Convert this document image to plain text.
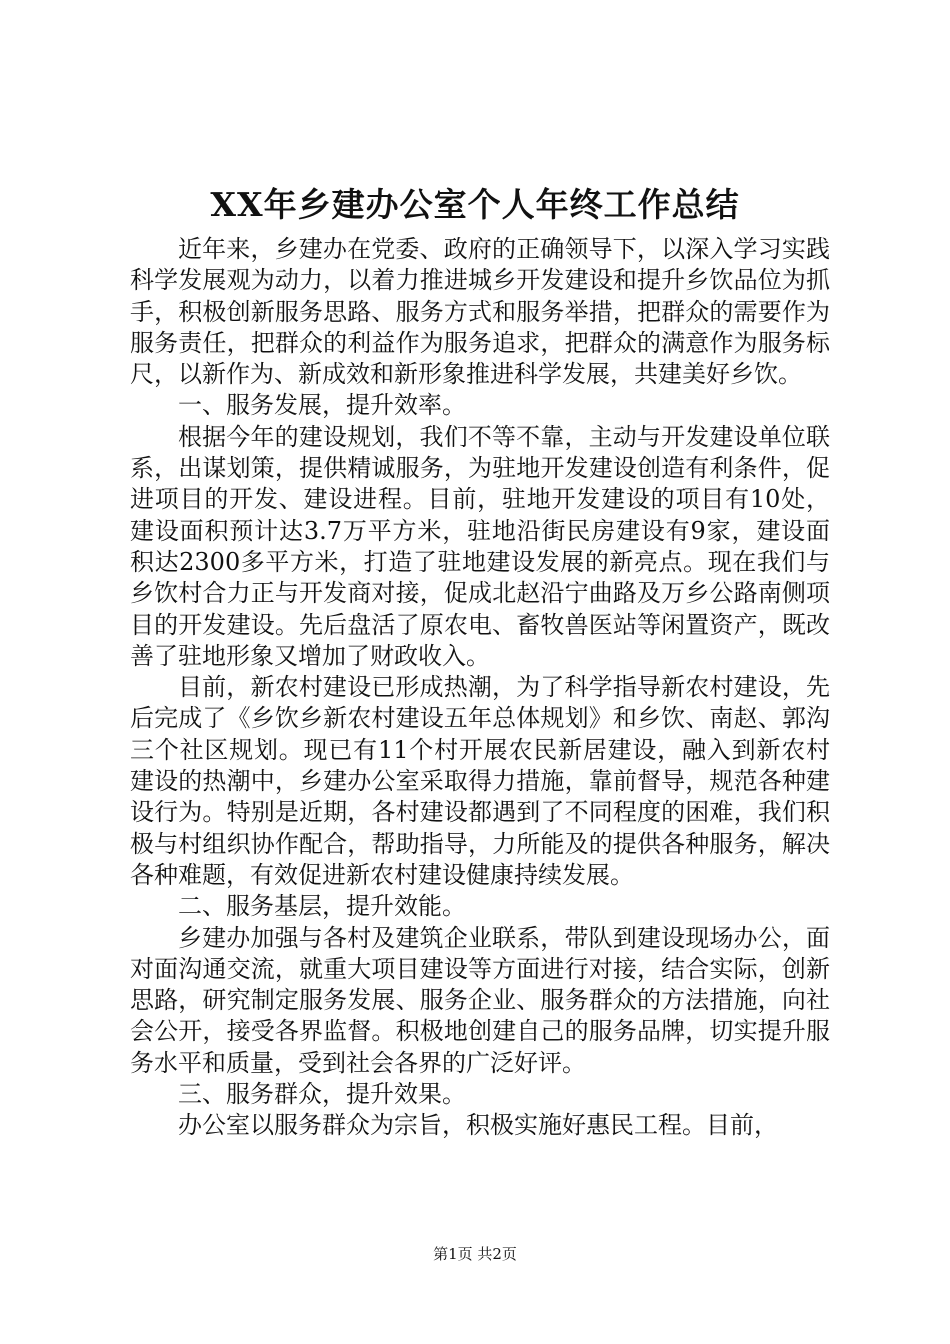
XX年乡建办公室个人年终工作总结

近年来，乡建办在党委、政府的正确领导下，以深入学习实践科学发展观为动力，以着力推进城乡开发建设和提升乡饮品位为抓手，积极创新服务思路、服务方式和服务举措，把群众的需要作为服务责任，把群众的利益作为服务追求，把群众的满意作为服务标尺，以新作为、新成效和新形象推进科学发展，共建美好乡饮。

一、服务发展，提升效率。

根据今年的建设规划，我们不等不靠，主动与开发建设单位联系，出谋划策，提供精诚服务，为驻地开发建设创造有利条件，促进项目的开发、建设进程。目前，驻地开发建设的项目有10处，建设面积预计达3.7万平方米，驻地沿街民房建设有9家，建设面积达2300多平方米，打造了驻地建设发展的新亮点。现在我们与乡饮村合力正与开发商对接，促成北赵沿宁曲路及万乡公路南侧项目的开发建设。先后盘活了原农电、畜牧兽医站等闲置资产，既改善了驻地形象又增加了财政收入。

目前，新农村建设已形成热潮，为了科学指导新农村建设，先后完成了《乡饮乡新农村建设五年总体规划》和乡饮、南赵、郭沟三个社区规划。现已有11个村开展农民新居建设，融入到新农村建设的热潮中，乡建办公室采取得力措施，靠前督导，规范各种建设行为。特别是近期，各村建设都遇到了不同程度的困难，我们积极与村组织协作配合，帮助指导，力所能及的提供各种服务，解决各种难题，有效促进新农村建设健康持续发展。

二、服务基层，提升效能。

乡建办加强与各村及建筑企业联系，带队到建设现场办公，面对面沟通交流，就重大项目建设等方面进行对接，结合实际，创新思路，研究制定服务发展、服务企业、服务群众的方法措施，向社会公开，接受各界监督。积极地创建自己的服务品牌，切实提升服务水平和质量，受到社会各界的广泛好评。

三、服务群众，提升效果。

办公室以服务群众为宗旨，积极实施好惠民工程。目前，

第1页 共2页
